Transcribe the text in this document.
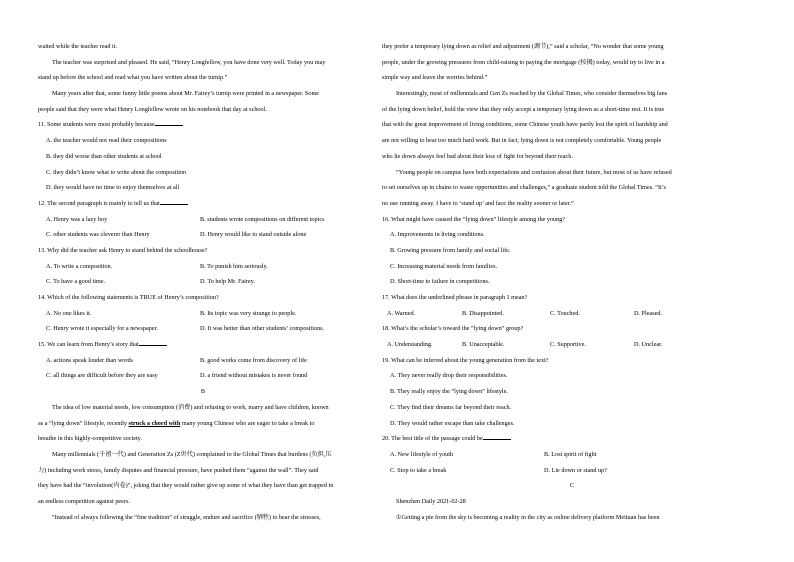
waited while the teacher read it.
The teacher was surprised and pleased. He said, “Henry Longfellow, you have done very well. Today you may
stand up before the school and read what you have written about the turnip.”
Many years after that, some funny little poems about Mr. Fairey’s turnip were printed in a newspaper. Some
people said that they were what Henry Longfellow wrote on his notebook that day at school.
11. Some students were most probably because
A. the teacher would not read their compositions
B. they did worse than other students at school
C. they didn’t know what to write about the composition
D. they would have no time to enjoy themselves at all
12. The second paragraph is mainly to tell us that
A. Henry was a lazy boy	B. students wrote compositions on different topics
C. other students was cleverer than Henry	D. Henry would like to stand outside alone
13. Why did the teacher ask Henry to stand behind the schoolhouse?
A. To write a composition.	B. To punish him seriously.
C. To have a good time.	D. To help Mr. Fairey.
14. Which of the following statements is TRUE of Henry’s composition?
A. No one likes it.	B. Its topic was very strange to people.
C. Henry wrote it especially for a newspaper.	D. It was better than other students’ compositions.
15. We can learn from Henry’s story that
A. actions speak louder than words	B. good works come from discovery of life
C. all things are difficult before they are easy	D. a friend without mistakes is never found
B
The idea of low material needs, low consumption (消费) and refusing to work, marry and have children, known
as a “lying down” lifestyle, recently struck a chord with many young Chinese who are eager to take a break to
breathe in this highly-competitive society.
Many millennials (千禧一代) and Generation Zs (Z世代) complained to the Global Times that burdens (负担,压
力) including work stress, family disputes and financial pressure, have pushed them “against the wall”. They said
they have had the “involution(内卷)”, joking that they would rather give up some of what they have than get trapped in
an endless competition against peers.
“Instead of always following the “fine tradition” of struggle, endure and sacrifice (牺牲) to bear the stresses,
they prefer a temporary lying down as relief and adjustment (调节),” said a scholar, “No wonder that some young
people, under the growing pressures from child-raising to paying the mortgage (按揭) today, would try to live in a
simple way and leave the worries behind.”
Interestingly, most of millennials and Gen Zs reached by the Global Times, who consider themselves big fans
of the lying down belief, hold the view that they only accept a temporary lying down as a short-time rest. It is true
that with the great improvement of living conditions, some Chinese youth have partly lost the spirit of hardship and
are not willing to bear too much hard work. But in fact, lying down is not completely comfortable. Young people
who lie down always feel bad about their loss of fight for beyond their reach.
“Young people on campus have both expectations and confusion about their future, but most of us have refused
to set ourselves up in chains to waste opportunities and challenges,” a graduate student told the Global Times. “It’s
no use running away. I have to ‘stand up’ and face the reality sooner or later.”
16. What might have caused the “lying down” lifestyle among the young?
A. Improvements in living conditions.
B. Growing pressure from family and social life.
C. Increasing material needs from families.
D. Short-time to failure in competitions.
17. What does the underlined phrase in paragraph 1 mean?
A. Warned.	B. Disappointed.	C. Touched.	D. Pleased.
18. What’s the scholar’s toward the “lying down” group?
A. Understanding.	B. Unacceptable.	C. Supportive.	D. Unclear.
19. What can be inferred about the young generation from the text?
A. They never really drop their responsibilities.
B. They really enjoy the “lying down” lifestyle.
C. They find their dreams far beyond their reach.
D. They would rather escape than take challenges.
20. The best title of the passage could be
A. New lifestyle of youth	B. Lost spirit of fight
C. Stop to take a break	D. Lie down or stand up?
C
Shenzhen Daily 2021-02-28
①Getting a pie from the sky is becoming a reality in the city as online delivery platform Meituan has been
